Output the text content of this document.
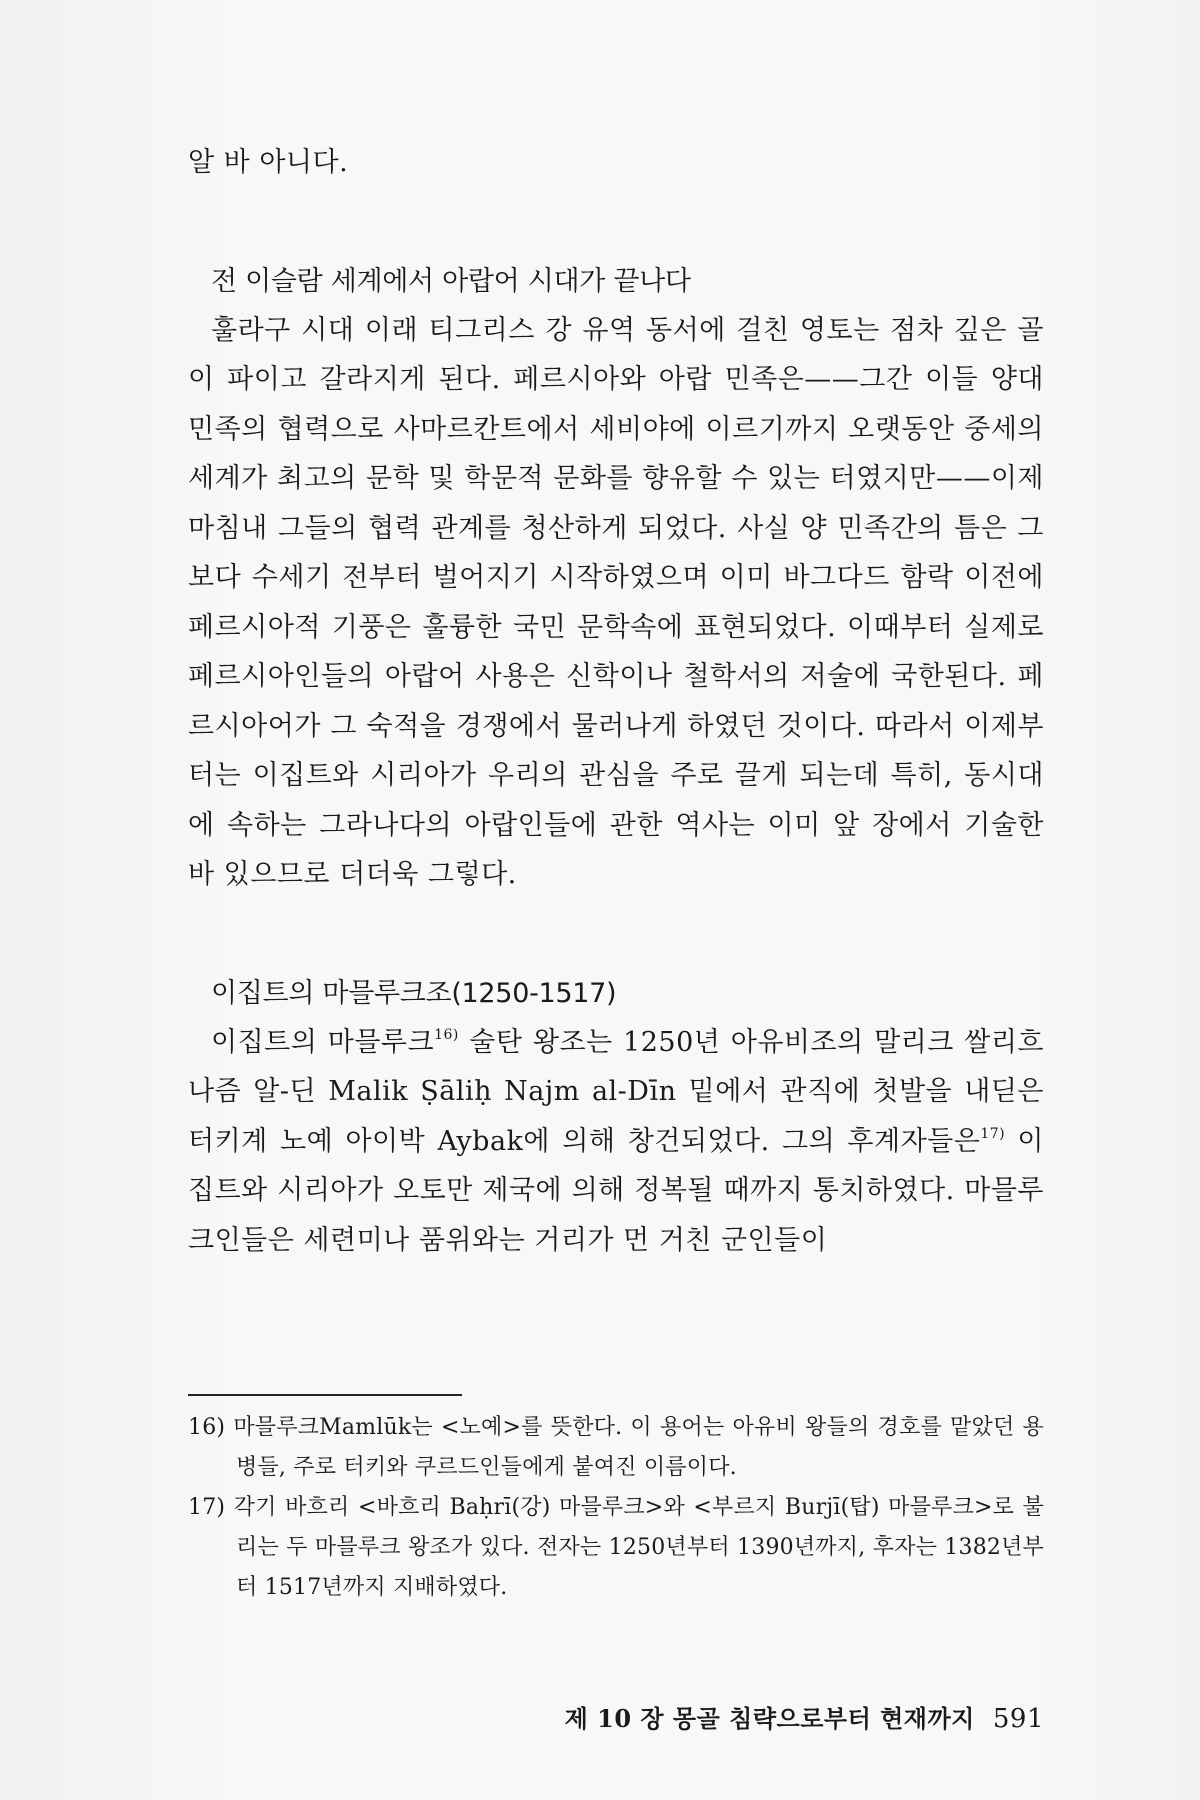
알 바 아니다.

전 이슬람 세계에서 아랍어 시대가 끝나다

훌라구 시대 이래 티그리스 강 유역 동서에 걸친 영토는 점차 깊은 골이 파이고 갈라지게 된다. 페르시아와 아랍 민족은——그간 이들 양대 민족의 협력으로 사마르칸트에서 세비야에 이르기까지 오랫동안 중세의 세계가 최고의 문학 및 학문적 문화를 향유할 수 있는 터였지만——이제 마침내 그들의 협력 관계를 청산하게 되었다. 사실 양 민족간의 틈은 그보다 수세기 전부터 벌어지기 시작하였으며 이미 바그다드 함락 이전에 페르시아적 기풍은 훌륭한 국민 문학속에 표현되었다. 이때부터 실제로 페르시아인들의 아랍어 사용은 신학이나 철학서의 저술에 국한된다. 페르시아어가 그 숙적을 경쟁에서 물러나게 하였던 것이다. 따라서 이제부터는 이집트와 시리아가 우리의 관심을 주로 끌게 되는데 특히, 동시대에 속하는 그라나다의 아랍인들에 관한 역사는 이미 앞 장에서 기술한 바 있으므로 더더욱 그렇다.

이집트의 마믈루크조(1250-1517)

이집트의 마믈루크$^{16)}$ 술탄 왕조는 1250년 아유비조의 말리크 쌀리흐 나즘 알-딘 Malik Ṣāliḥ Najm al-Dīn 밑에서 관직에 첫발을 내딛은 터키계 노예 아이박 Aybak에 의해 창건되었다. 그의 후계자들은$^{17)}$ 이집트와 시리아가 오토만 제국에 의해 정복될 때까지 통치하였다. 마믈루크인들은 세련미나 품위와는 거리가 먼 거친 군인들이

16) 마믈루크Mamlūk는 <노예>를 뜻한다. 이 용어는 아유비 왕들의 경호를 맡았던 용병들, 주로 터키와 쿠르드인들에게 붙여진 이름이다.

17) 각기 바흐리 <바흐리 Baḥrī(강) 마믈루크>와 <부르지 Burjī(탑) 마믈루크>로 불리는 두 마믈루크 왕조가 있다. 전자는 1250년부터 1390년까지, 후자는 1382년부터 1517년까지 지배하였다.

제 10 장 몽골 침략으로부터 현재까지 591
